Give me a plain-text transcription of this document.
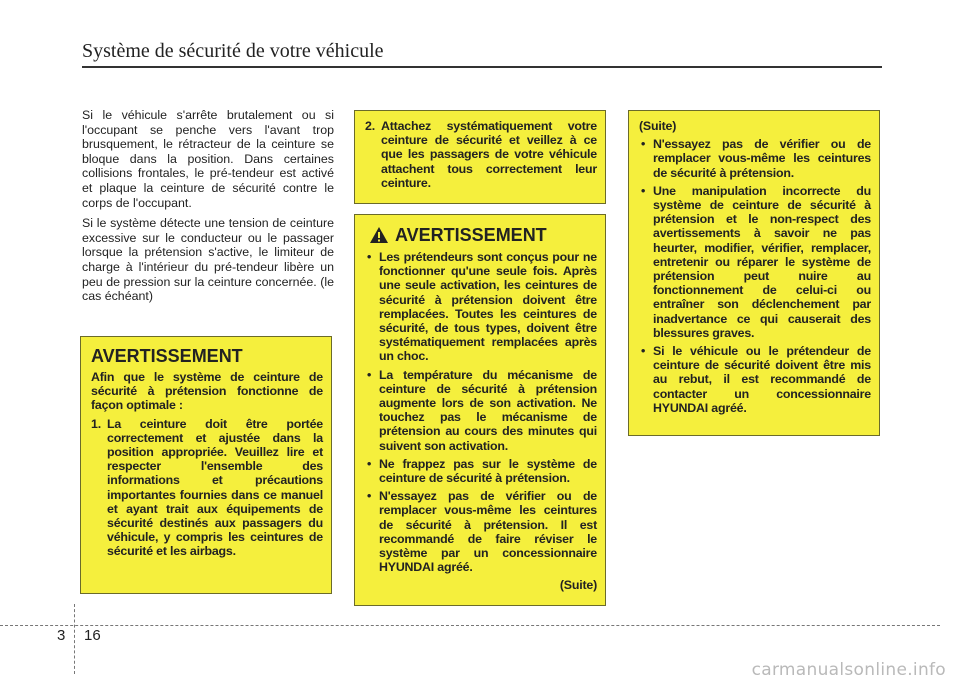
Système de sécurité de votre véhicule

Si le véhicule s'arrête brutalement ou si l'occupant se penche vers l'avant trop brusquement, le rétracteur de la ceinture se bloque dans la position. Dans certaines collisions frontales, le pré-tendeur est activé et plaque la ceinture de sécurité contre le corps de l'occupant.

Si le système détecte une tension de ceinture excessive sur le conducteur ou le passager lorsque la prétension s'active, le limiteur de charge à l'intérieur du pré-tendeur libère un peu de pression sur la ceinture concernée. (le cas échéant)

AVERTISSEMENT
Afin que le système de ceinture de sécurité à prétension fonctionne de façon optimale :
1. La ceinture doit être portée correctement et ajustée dans la position appropriée. Veuillez lire et respecter l'ensemble des informations et précautions importantes fournies dans ce manuel et ayant trait aux équipements de sécurité destinés aux passagers du véhicule, y compris les ceintures de sécurité et les airbags.
2. Attachez systématiquement votre ceinture de sécurité et veillez à ce que les passagers de votre véhicule attachent tous correctement leur ceinture.
AVERTISSEMENT
• Les prétendeurs sont conçus pour ne fonctionner qu'une seule fois. Après une seule activation, les ceintures de sécurité à prétension doivent être remplacées. Toutes les ceintures de sécurité, de tous types, doivent être systématiquement remplacées après un choc.
• La température du mécanisme de ceinture de sécurité à prétension augmente lors de son activation. Ne touchez pas le mécanisme de prétension au cours des minutes qui suivent son activation.
• Ne frappez pas sur le système de ceinture de sécurité à prétension.
• N'essayez pas de vérifier ou de remplacer vous-même les ceintures de sécurité à prétension. Il est recommandé de faire réviser le système par un concessionnaire HYUNDAI agréé.
(Suite)
(Suite)
• N'essayez pas de vérifier ou de remplacer vous-même les ceintures de sécurité à prétension.
• Une manipulation incorrecte du système de ceinture de sécurité à prétension et le non-respect des avertissements à savoir ne pas heurter, modifier, vérifier, remplacer, entretenir ou réparer le système de prétension peut nuire au fonctionnement de celui-ci ou entraîner son déclenchement par inadvertance ce qui causerait des blessures graves.
• Si le véhicule ou le prétendeur de ceinture de sécurité doivent être mis au rebut, il est recommandé de contacter un concessionnaire HYUNDAI agréé.
3 16
carmanualsonline.info
